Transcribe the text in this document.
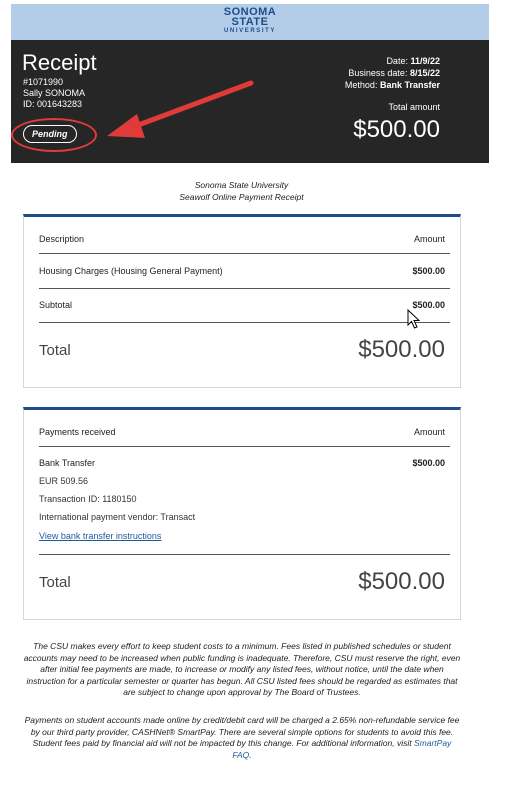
SONOMA
STATE
UNIVERSITY
Receipt
#1071990
Sally SONOMA
ID: 001643283
Pending
Date: 11/9/22
Business date: 8/15/22
Method: Bank Transfer
Total amount
$500.00
Sonoma State University
Seawolf Online Payment Receipt
Description	Amount
Housing Charges (Housing General Payment)	$500.00
Subtotal	$500.00
Total	$500.00
Payments received	Amount
Bank Transfer	$500.00
EUR 509.56
Transaction ID: 1180150
International payment vendor: Transact
View bank transfer instructions
Total	$500.00
The CSU makes every effort to keep student costs to a minimum. Fees listed in published schedules or student accounts may need to be increased when public funding is inadequate. Therefore, CSU must reserve the right, even after initial fee payments are made, to increase or modify any listed fees, without notice, until the date when instruction for a particular semester or quarter has begun. All CSU listed fees should be regarded as estimates that are subject to change upon approval by The Board of Trustees.
Payments on student accounts made online by credit/debit card will be charged a 2.65% non-refundable service fee by our third party provider, CASHNet® SmartPay. There are several simple options for students to avoid this fee. Student fees paid by financial aid will not be impacted by this change. For additional information, visit SmartPay FAQ.
